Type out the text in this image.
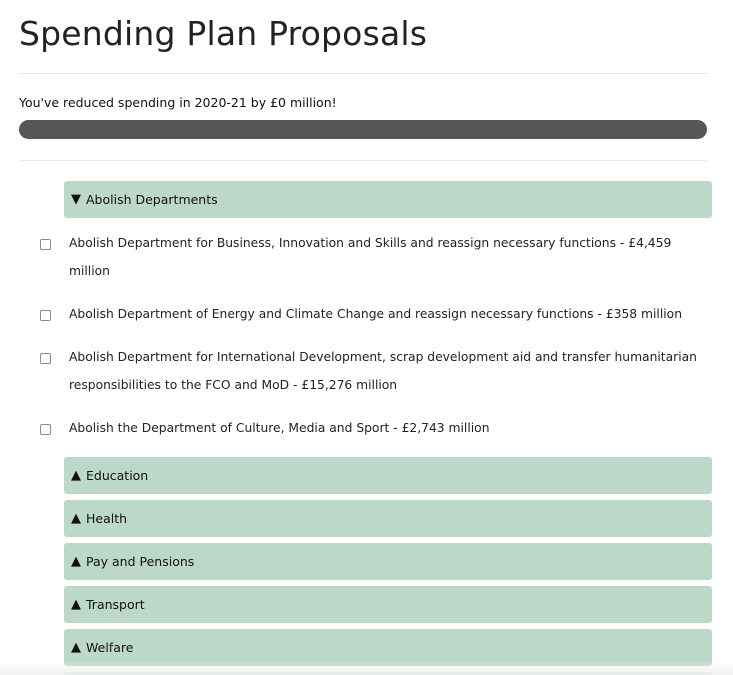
Spending Plan Proposals
You've reduced spending in 2020-21 by £0 million!
▼ Abolish Departments
Abolish Department for Business, Innovation and Skills and reassign necessary functions - £4,459 million
Abolish Department of Energy and Climate Change and reassign necessary functions - £358 million
Abolish Department for International Development, scrap development aid and transfer humanitarian responsibilities to the FCO and MoD - £15,276 million
Abolish the Department of Culture, Media and Sport - £2,743 million
▲ Education
▲ Health
▲ Pay and Pensions
▲ Transport
▲ Welfare
